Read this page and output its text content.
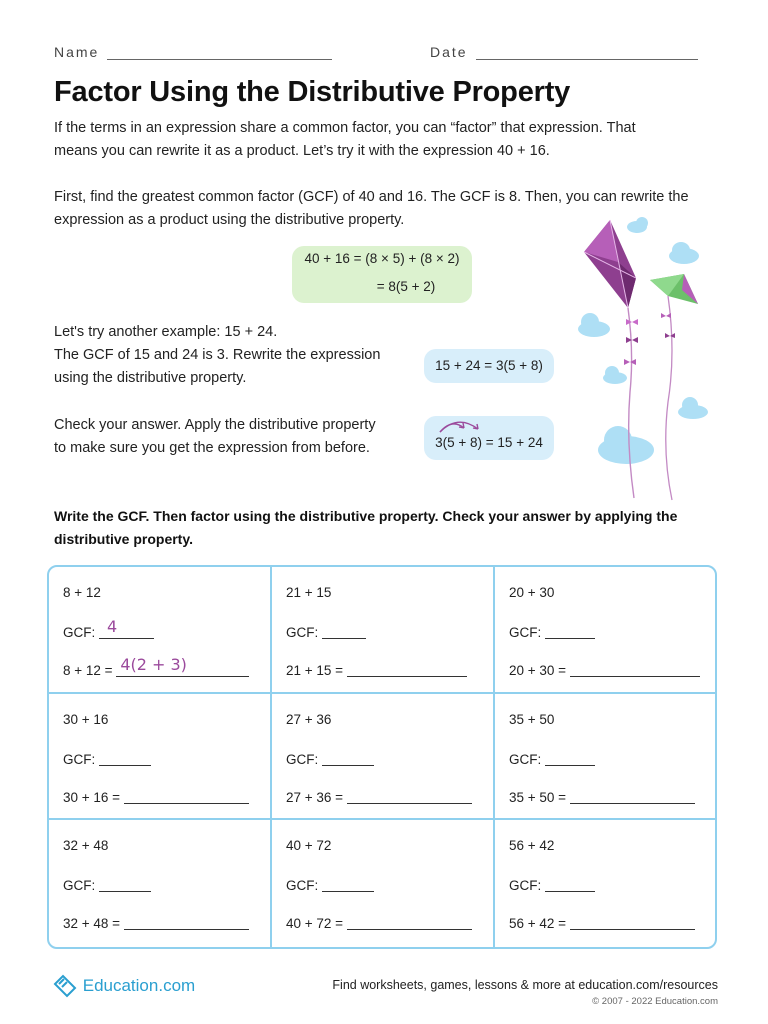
Name	Date
Factor Using the Distributive Property
If the terms in an expression share a common factor, you can “factor” that expression. That
means you can rewrite it as a product. Let’s try it with the expression 40 + 16.
First, find the greatest common factor (GCF) of 40 and 16. The GCF is 8. Then, you can rewrite the
expression as a product using the distributive property.
40 + 16 = (8 × 5) + (8 × 2)
= 8(5 + 2)
Let's try another example: 15 + 24.
The GCF of 15 and 24 is 3. Rewrite the expression
using the distributive property.
15 + 24 = 3(5 + 8)
Check your answer. Apply the distributive property
to make sure you get the expression from before.	3(5 + 8) = 15 + 24
Write the GCF. Then factor using the distributive property. Check your answer by applying the distributive property.
8 + 12
GCF: 4
8 + 12 = 4(2 + 3)
21 + 15
GCF:
21 + 15 =
20 + 30
GCF:
20 + 30 =
30 + 16
GCF:
30 + 16 =
27 + 36
GCF:
27 + 36 =
35 + 50
GCF:
35 + 50 =
32 + 48
GCF:
32 + 48 =
40 + 72
GCF:
40 + 72 =
56 + 42
GCF:
56 + 42 =
Education.com	Find worksheets, games, lessons & more at education.com/resources
© 2007 - 2022 Education.com
